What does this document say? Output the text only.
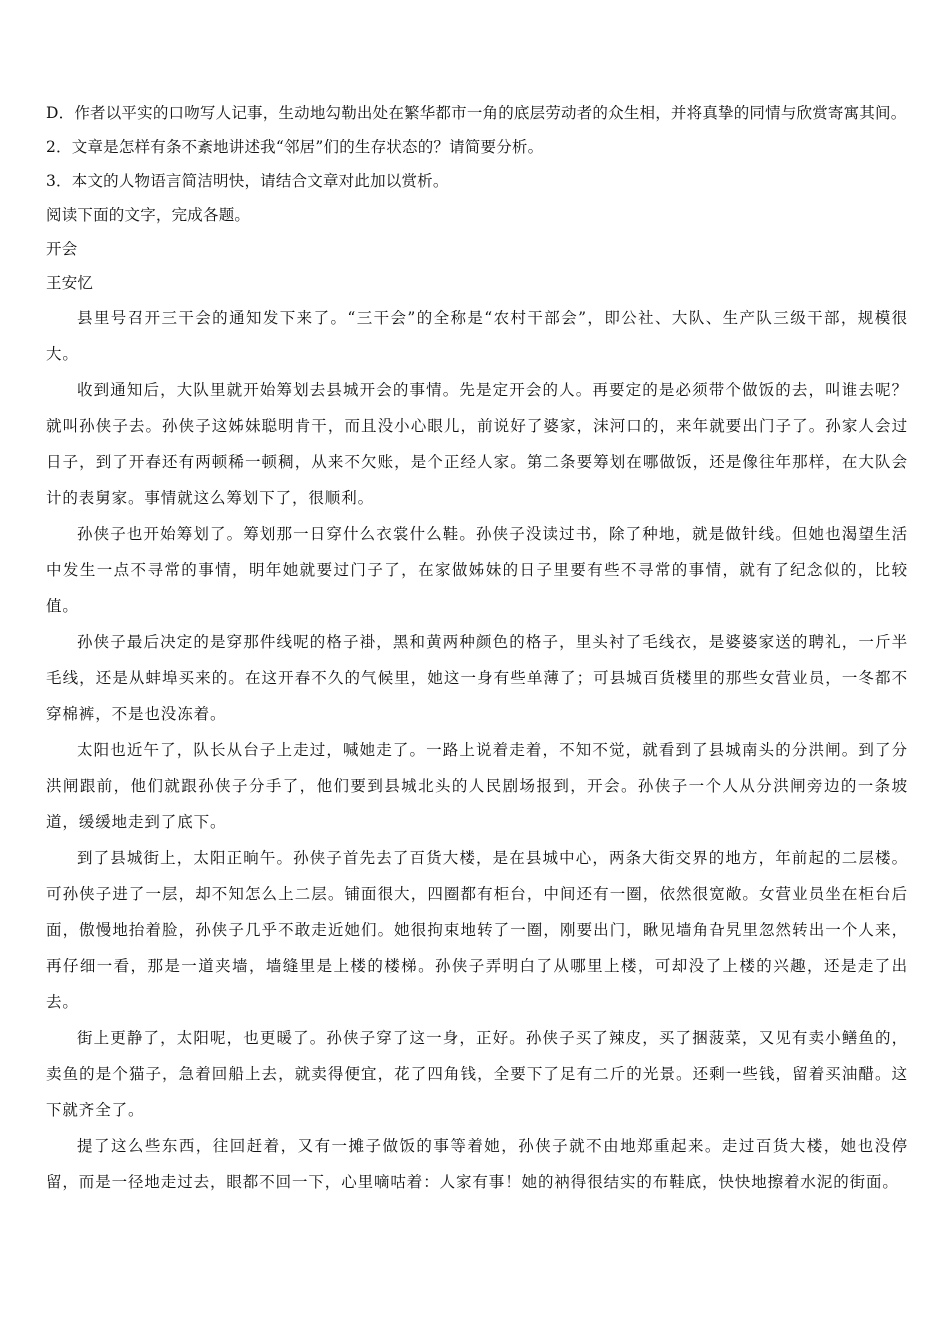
D．作者以平实的口吻写人记事，生动地勾勒出处在繁华都市一角的底层劳动者的众生相，并将真挚的同情与欣赏寄寓其间。

2．文章是怎样有条不紊地讲述我“邻居”们的生存状态的？请简要分析。

3．本文的人物语言简洁明快，请结合文章对此加以赏析。

阅读下面的文字，完成各题。

开会

王安忆

县里号召开三干会的通知发下来了。“三干会”的全称是“农村干部会”，即公社、大队、生产队三级干部，规模很大。

收到通知后，大队里就开始筹划去县城开会的事情。先是定开会的人。再要定的是必须带个做饭的去，叫谁去呢？就叫孙侠子去。孙侠子这姊妹聪明肯干，而且没小心眼儿，前说好了婆家，沫河口的，来年就要出门子了。孙家人会过日子，到了开春还有两顿稀一顿稠，从来不欠账，是个正经人家。第二条要筹划在哪做饭，还是像往年那样，在大队会计的表舅家。事情就这么筹划下了，很顺利。

孙侠子也开始筹划了。筹划那一日穿什么衣裳什么鞋。孙侠子没读过书，除了种地，就是做针线。但她也渴望生活中发生一点不寻常的事情，明年她就要过门子了，在家做姊妹的日子里要有些不寻常的事情，就有了纪念似的，比较值。

孙侠子最后决定的是穿那件线呢的格子褂，黑和黄两种颜色的格子，里头衬了毛线衣，是婆婆家送的聘礼，一斤半毛线，还是从蚌埠买来的。在这开春不久的气候里，她这一身有些单薄了；可县城百货楼里的那些女营业员，一冬都不穿棉裤，不是也没冻着。

太阳也近午了，队长从台子上走过，喊她走了。一路上说着走着，不知不觉，就看到了县城南头的分洪闸。到了分洪闸跟前，他们就跟孙侠子分手了，他们要到县城北头的人民剧场报到，开会。孙侠子一个人从分洪闸旁边的一条坡道，缓缓地走到了底下。

到了县城街上，太阳正晌午。孙侠子首先去了百货大楼，是在县城中心，两条大街交界的地方，年前起的二层楼。可孙侠子进了一层，却不知怎么上二层。铺面很大，四圈都有柜台，中间还有一圈，依然很宽敞。女营业员坐在柜台后面，傲慢地抬着脸，孙侠子几乎不敢走近她们。她很拘束地转了一圈，刚要出门，瞅见墙角旮旯里忽然转出一个人来，再仔细一看，那是一道夹墙，墙缝里是上楼的楼梯。孙侠子弄明白了从哪里上楼，可却没了上楼的兴趣，还是走了出去。

街上更静了，太阳呢，也更暖了。孙侠子穿了这一身，正好。孙侠子买了辣皮，买了捆菠菜，又见有卖小鳝鱼的，卖鱼的是个猫子，急着回船上去，就卖得便宜，花了四角钱，全要下了足有二斤的光景。还剩一些钱，留着买油醋。这下就齐全了。

提了这么些东西，往回赶着，又有一摊子做饭的事等着她，孙侠子就不由地郑重起来。走过百货大楼，她也没停留，而是一径地走过去，眼都不回一下，心里嘀咕着：人家有事！她的衲得很结实的布鞋底，快快地擦着水泥的街面。
